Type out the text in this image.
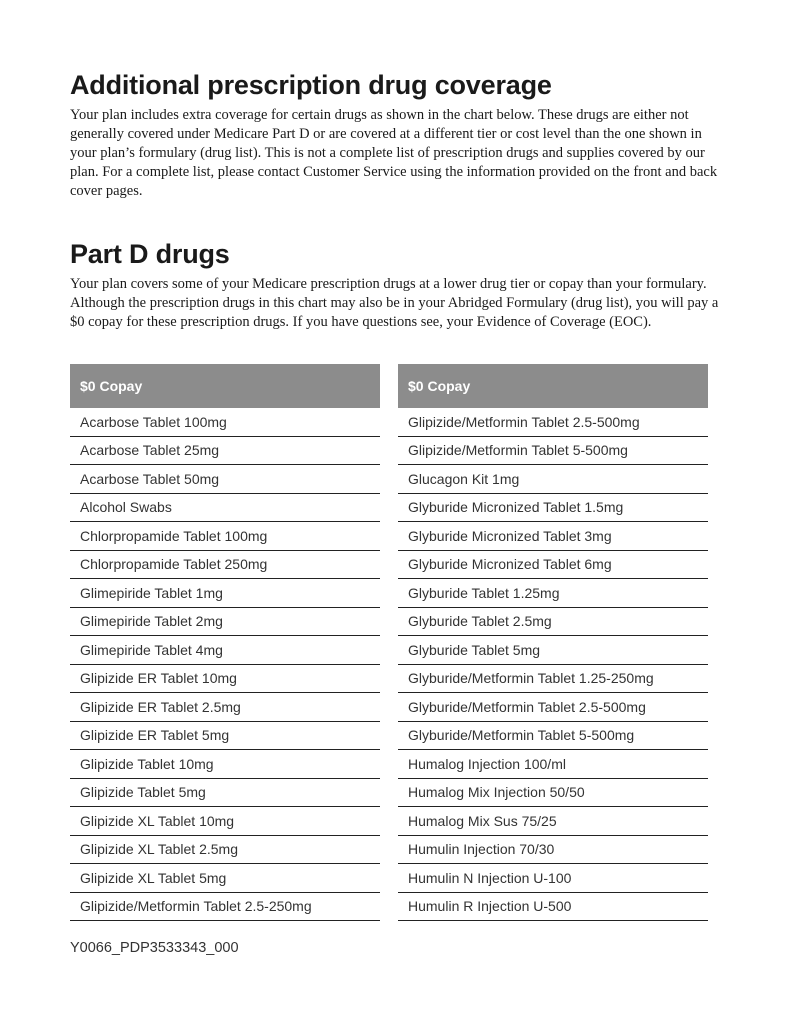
Additional prescription drug coverage

Your plan includes extra coverage for certain drugs as shown in the chart below. These drugs are either not generally covered under Medicare Part D or are covered at a different tier or cost level than the one shown in your plan’s formulary (drug list). This is not a complete list of prescription drugs and supplies covered by our plan. For a complete list, please contact Customer Service using the information provided on the front and back cover pages.

Part D drugs

Your plan covers some of your Medicare prescription drugs at a lower drug tier or copay than your formulary. Although the prescription drugs in this chart may also be in your Abridged Formulary (drug list), you will pay a $0 copay for these prescription drugs. If you have questions see, your Evidence of Coverage (EOC).

$0 Copay
Acarbose Tablet 100mg
Acarbose Tablet 25mg
Acarbose Tablet 50mg
Alcohol Swabs
Chlorpropamide Tablet 100mg
Chlorpropamide Tablet 250mg
Glimepiride Tablet 1mg
Glimepiride Tablet 2mg
Glimepiride Tablet 4mg
Glipizide ER Tablet 10mg
Glipizide ER Tablet 2.5mg
Glipizide ER Tablet 5mg
Glipizide Tablet 10mg
Glipizide Tablet 5mg
Glipizide XL Tablet 10mg
Glipizide XL Tablet 2.5mg
Glipizide XL Tablet 5mg
Glipizide/Metformin Tablet 2.5-250mg
$0 Copay
Glipizide/Metformin Tablet 2.5-500mg
Glipizide/Metformin Tablet 5-500mg
Glucagon Kit 1mg
Glyburide Micronized Tablet 1.5mg
Glyburide Micronized Tablet 3mg
Glyburide Micronized Tablet 6mg
Glyburide Tablet 1.25mg
Glyburide Tablet 2.5mg
Glyburide Tablet 5mg
Glyburide/Metformin Tablet 1.25-250mg
Glyburide/Metformin Tablet 2.5-500mg
Glyburide/Metformin Tablet 5-500mg
Humalog Injection 100/ml
Humalog Mix Injection 50/50
Humalog Mix Sus 75/25
Humulin Injection 70/30
Humulin N Injection U-100
Humulin R Injection U-500
Y0066_PDP3533343_000
